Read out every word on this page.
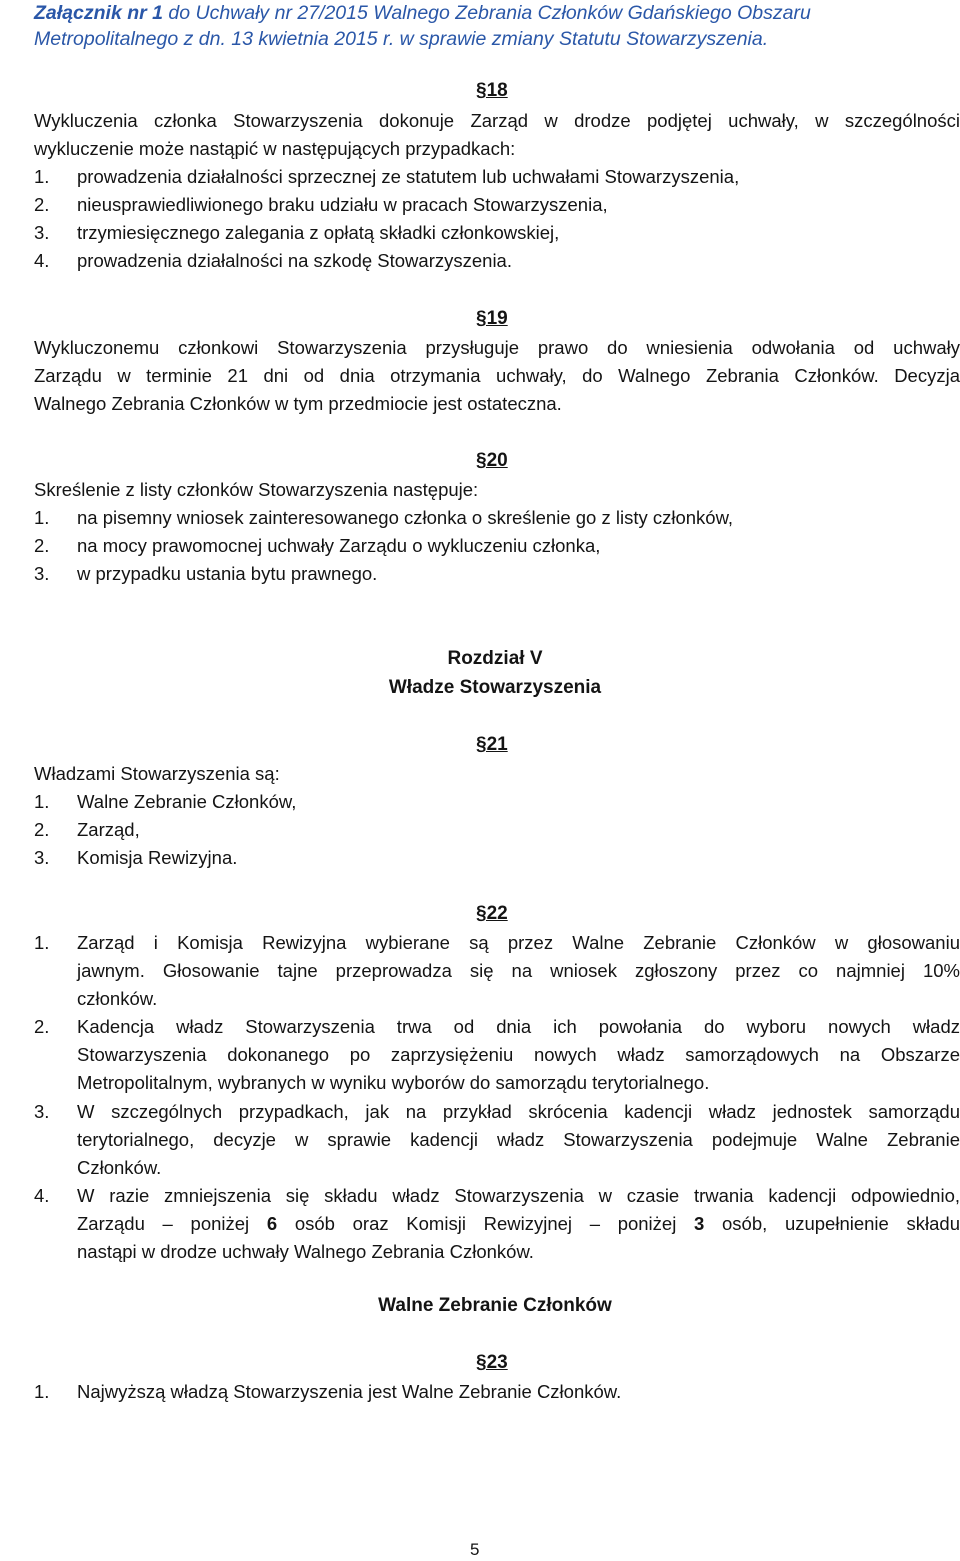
Załącznik nr 1 do Uchwały nr 27/2015 Walnego Zebrania Członków Gdańskiego Obszaru
Metropolitalnego z dn. 13 kwietnia 2015 r. w sprawie zmiany Statutu Stowarzyszenia.
§18
Wykluczenia członka Stowarzyszenia dokonuje Zarząd w drodze podjętej uchwały, w szczególności
wykluczenie może nastąpić w następujących przypadkach:
1. prowadzenia działalności sprzecznej ze statutem lub uchwałami Stowarzyszenia,
2. nieusprawiedliwionego braku udziału w pracach Stowarzyszenia,
3. trzymiesięcznego zalegania z opłatą składki członkowskiej,
4. prowadzenia działalności na szkodę Stowarzyszenia.
§19
Wykluczonemu członkowi Stowarzyszenia przysługuje prawo do wniesienia odwołania od uchwały
Zarządu w terminie 21 dni od dnia otrzymania uchwały, do Walnego Zebrania Członków. Decyzja
Walnego Zebrania Członków w tym przedmiocie jest ostateczna.
§20
Skreślenie z listy członków Stowarzyszenia następuje:
1. na pisemny wniosek zainteresowanego członka o skreślenie go z listy członków,
2. na mocy prawomocnej uchwały Zarządu o wykluczeniu członka,
3. w przypadku ustania bytu prawnego.
Rozdział V
Władze Stowarzyszenia
§21
Władzami Stowarzyszenia są:
1. Walne Zebranie Członków,
2. Zarząd,
3. Komisja Rewizyjna.
§22
1. Zarząd i Komisja Rewizyjna wybierane są przez Walne Zebranie Członków w głosowaniu
jawnym. Głosowanie tajne przeprowadza się na wniosek zgłoszony przez co najmniej 10%
członków.
2. Kadencja władz Stowarzyszenia trwa od dnia ich powołania do wyboru nowych władz
Stowarzyszenia dokonanego po zaprzysiężeniu nowych władz samorządowych na Obszarze
Metropolitalnym, wybranych w wyniku wyborów do samorządu terytorialnego.
3. W szczególnych przypadkach, jak na przykład skrócenia kadencji władz jednostek samorządu
terytorialnego, decyzje w sprawie kadencji władz Stowarzyszenia podejmuje Walne Zebranie
Członków.
4. W razie zmniejszenia się składu władz Stowarzyszenia w czasie trwania kadencji odpowiednio,
Zarządu – poniżej 6 osób oraz Komisji Rewizyjnej – poniżej 3 osób, uzupełnienie składu
nastąpi w drodze uchwały Walnego Zebrania Członków.
Walne Zebranie Członków
§23
1. Najwyższą władzą Stowarzyszenia jest Walne Zebranie Członków.
5
